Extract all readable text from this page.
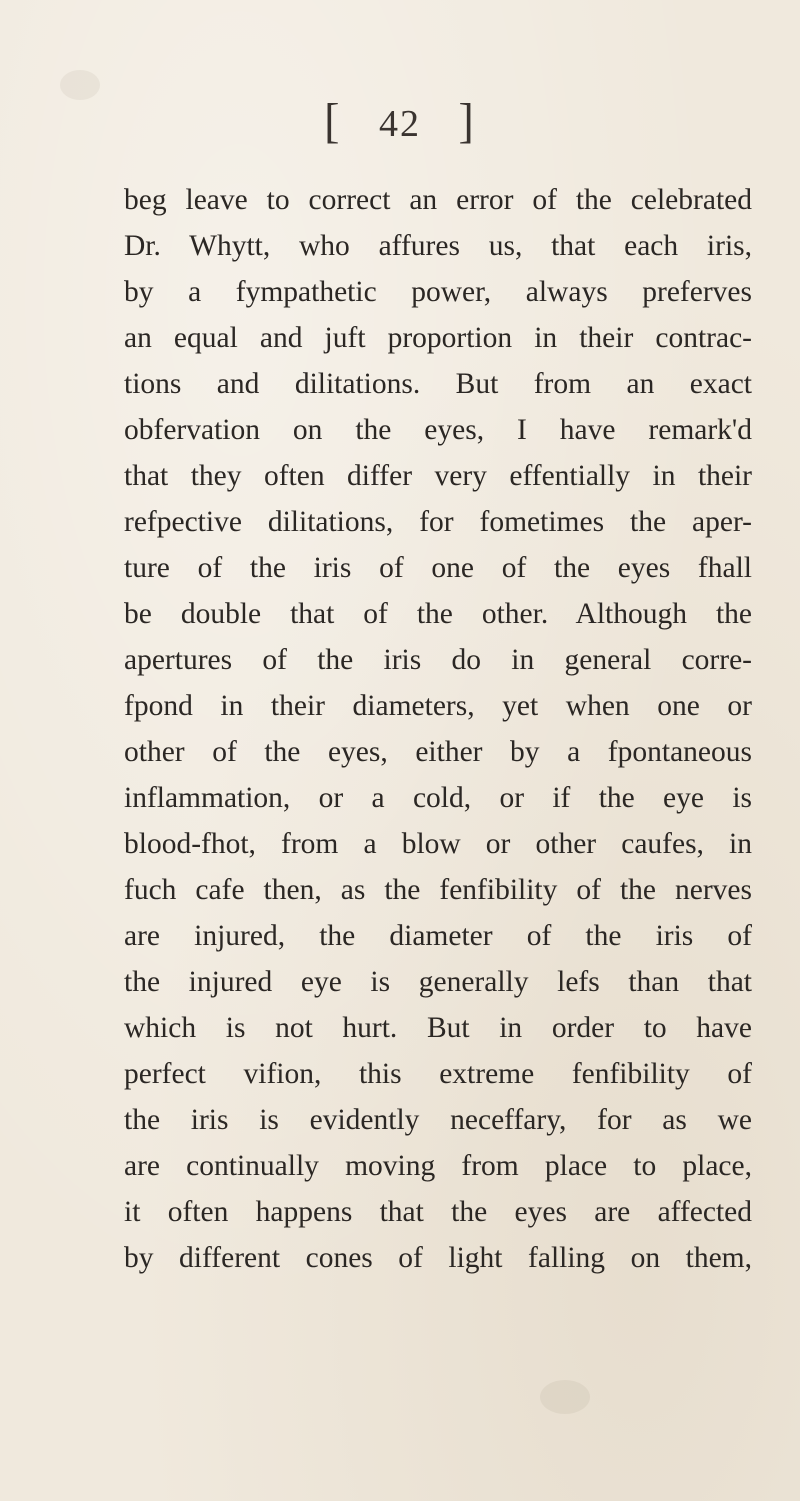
[ 42 ]
beg leave to correct an error of the celebrated
Dr. Whytt, who affures us, that each iris,
by a fympathetic power, always preferves
an equal and juft proportion in their contrac-
tions and dilitations. But from an exact
obfervation on the eyes, I have remark'd
that they often differ very effentially in their
refpective dilitations, for fometimes the aper-
ture of the iris of one of the eyes fhall
be double that of the other. Although the
apertures of the iris do in general corre-
fpond in their diameters, yet when one or
other of the eyes, either by a fpontaneous
inflammation, or a cold, or if the eye is
blood-fhot, from a blow or other caufes, in
fuch cafe then, as the fenfibility of the nerves
are injured, the diameter of the iris of
the injured eye is generally lefs than that
which is not hurt. But in order to have
perfect vifion, this extreme fenfibility of
the iris is evidently neceffary, for as we
are continually moving from place to place,
it often happens that the eyes are affected
by different cones of light falling on them,
